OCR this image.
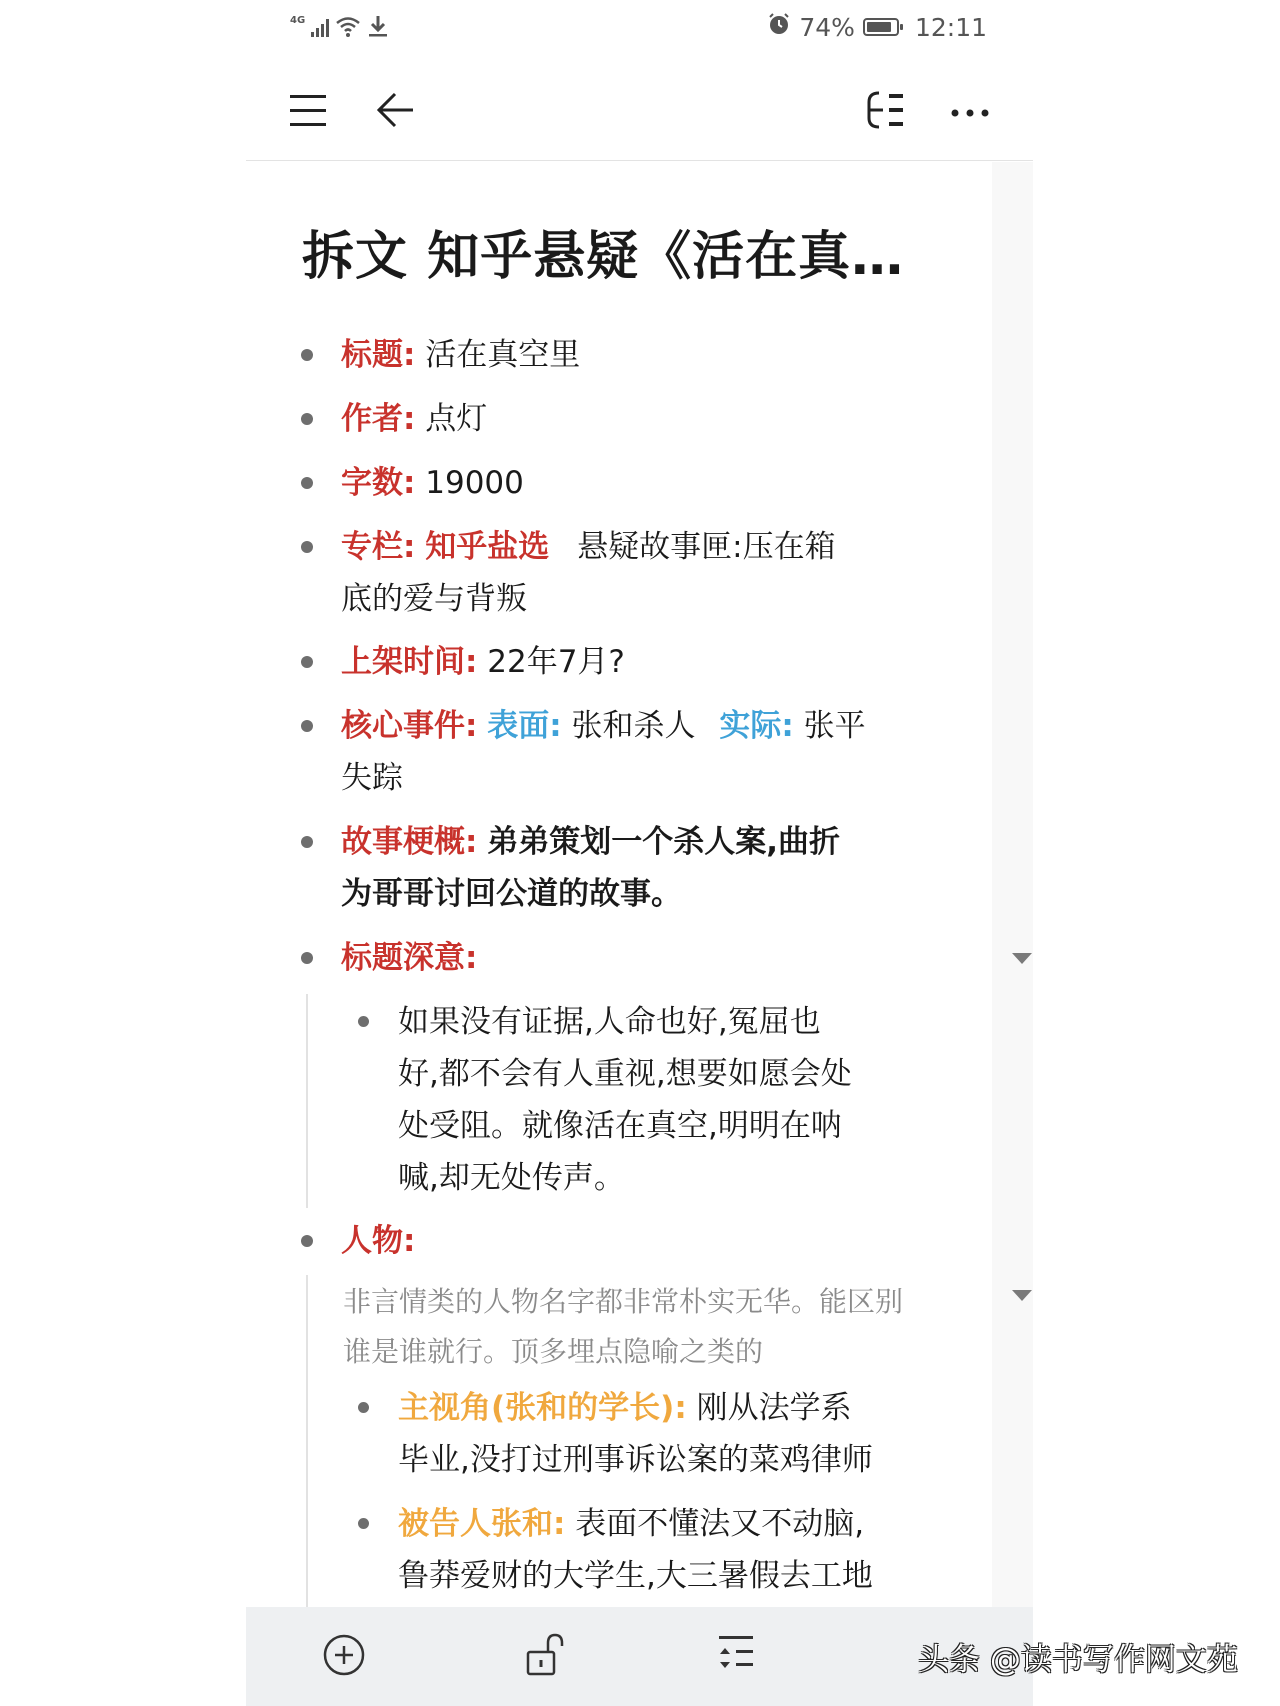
4G	74% 12:11
拆文 知乎悬疑《活在真…
标题: 活在真空里
作者: 点灯
字数: 19000
专栏: 知乎盐选 悬疑故事匣:压在箱
底的爱与背叛
上架时间: 22年7月?
核心事件: 表面: 张和杀人 实际: 张平
失踪
故事梗概: 弟弟策划一个杀人案,曲折
为哥哥讨回公道的故事。
标题深意:
如果没有证据,人命也好,冤屈也
好,都不会有人重视,想要如愿会处
处受阻。就像活在真空,明明在呐
喊,却无处传声。
人物:
非言情类的人物名字都非常朴实无华。能区别
谁是谁就行。顶多埋点隐喻之类的
主视角(张和的学长): 刚从法学系
毕业,没打过刑事诉讼案的菜鸡律师
被告人张和: 表面不懂法又不动脑,
鲁莽爱财的大学生,大三暑假去工地
头条 @读书写作网文苑
